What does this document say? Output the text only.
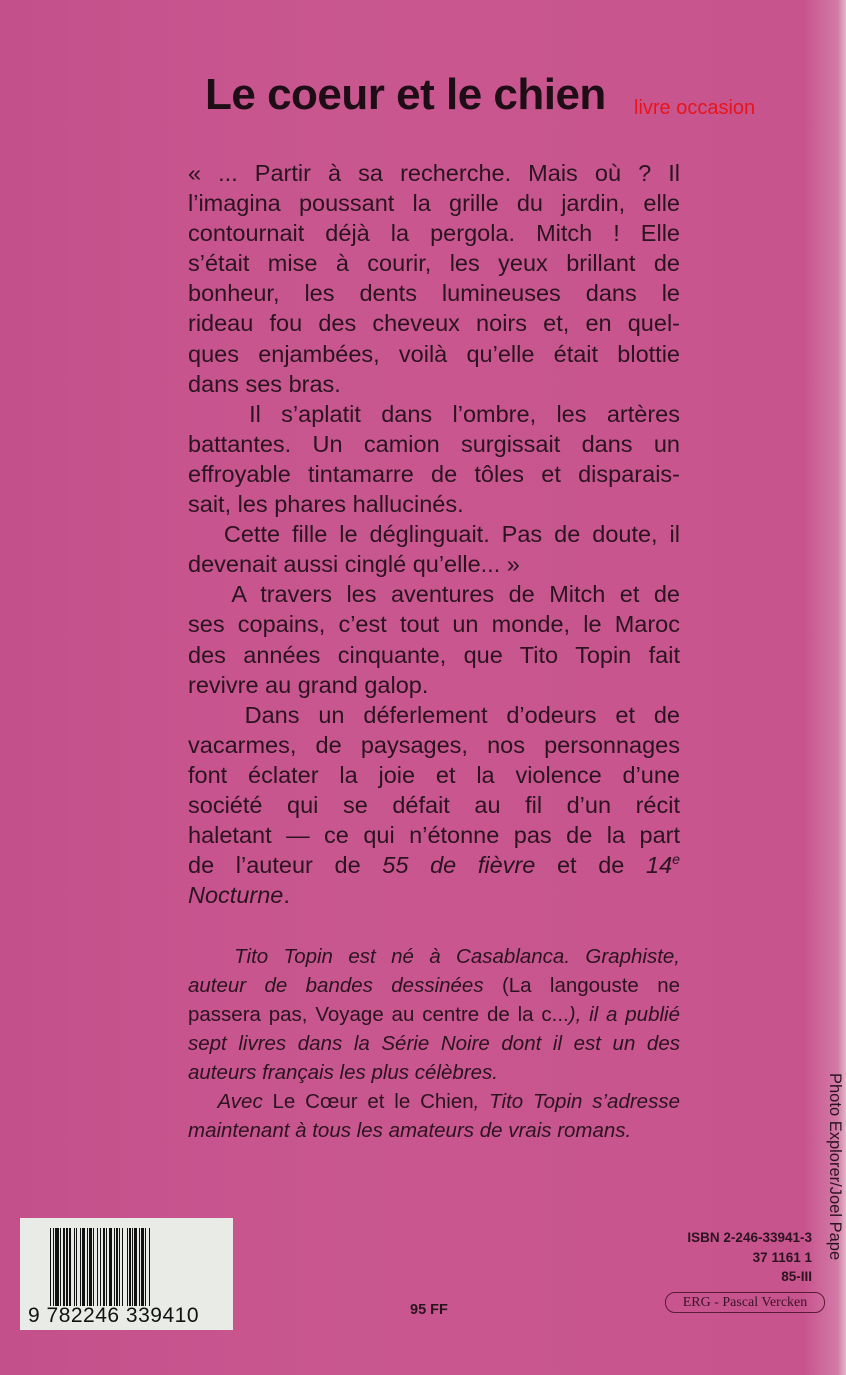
Le coeur et le chien livre occasion
« ... Partir à sa recherche. Mais où ? Il
l’imagina poussant la grille du jardin, elle
contournait déjà la pergola. Mitch ! Elle
s’était mise à courir, les yeux brillant de
bonheur, les dents lumineuses dans le
rideau fou des cheveux noirs et, en quel-
ques enjambées, voilà qu’elle était blottie
dans ses bras.
Il s’aplatit dans l’ombre, les artères
battantes. Un camion surgissait dans un
effroyable tintamarre de tôles et disparais-
sait, les phares hallucinés.
Cette fille le déglinguait. Pas de doute, il
devenait aussi cinglé qu’elle... »
A travers les aventures de Mitch et de
ses copains, c’est tout un monde, le Maroc
des années cinquante, que Tito Topin fait
revivre au grand galop.
Dans un déferlement d’odeurs et de
vacarmes, de paysages, nos personnages
font éclater la joie et la violence d’une
société qui se défait au fil d’un récit
haletant — ce qui n’étonne pas de la part
de l’auteur de 55 de fièvre et de 14e
Nocturne.
Tito Topin est né à Casablanca. Graphiste,
auteur de bandes dessinées (La langouste ne
passera pas, Voyage au centre de la c...), il a publié
sept livres dans la Série Noire dont il est un des
auteurs français les plus célèbres.
Avec Le Cœur et le Chien, Tito Topin s’adresse
maintenant à tous les amateurs de vrais romans.	Photo Explorer/Joel Pape
9 782246 339410
ISBN 2-246-33941-3
37 1161 1
85-III
95 FF	ERG - Pascal Vercken
